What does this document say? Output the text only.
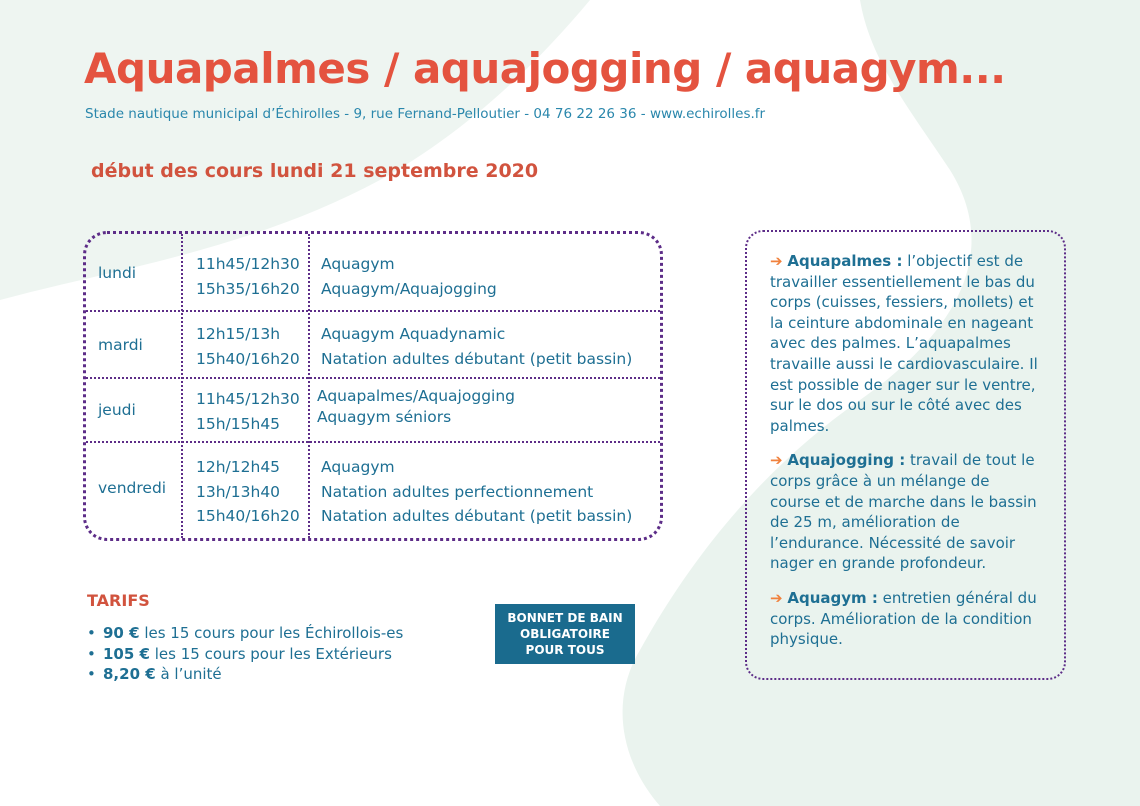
Aquapalmes / aquajogging / aquagym...
Stade nautique municipal d’Échirolles - 9, rue Fernand-Pelloutier - 04 76 22 26 36 - www.echirolles.fr
début des cours lundi 21 septembre 2020
lundi	11h45/12h30
15h35/16h20
Aquagym
Aquagym/Aquajogging
mardi
12h15/13h
15h40/16h20
Aquagym Aquadynamic
Natation adultes débutant (petit bassin)
jeudi
11h45/12h30
15h/15h45
Aquapalmes/Aquajogging
Aquagym séniors
vendredi
12h/12h45
13h/13h40
15h40/16h20
Aquagym
Natation adultes perfectionnement
Natation adultes débutant (petit bassin)

➔ Aquapalmes : l’objectif est de travailler essentiellement le bas du corps (cuisses, fessiers, mollets) et la ceinture abdominale en nageant avec des palmes. L’aquapalmes travaille aussi le cardiovasculaire. Il est possible de nager sur le ventre, sur le dos ou sur le côté avec des palmes.

➔ Aquajogging : travail de tout le corps grâce à un mélange de course et de marche dans le bassin de 25 m, amélioration de l’endurance. Nécessité de savoir nager en grande profondeur.

➔ Aquagym : entretien général du corps. Amélioration de la condition physique.

TARIFS
• 90 € les 15 cours pour les Échirollois-es
• 105 € les 15 cours pour les Extérieurs
• 8,20 € à l’unité
BONNET DE BAIN
OBLIGATOIRE
POUR TOUS
